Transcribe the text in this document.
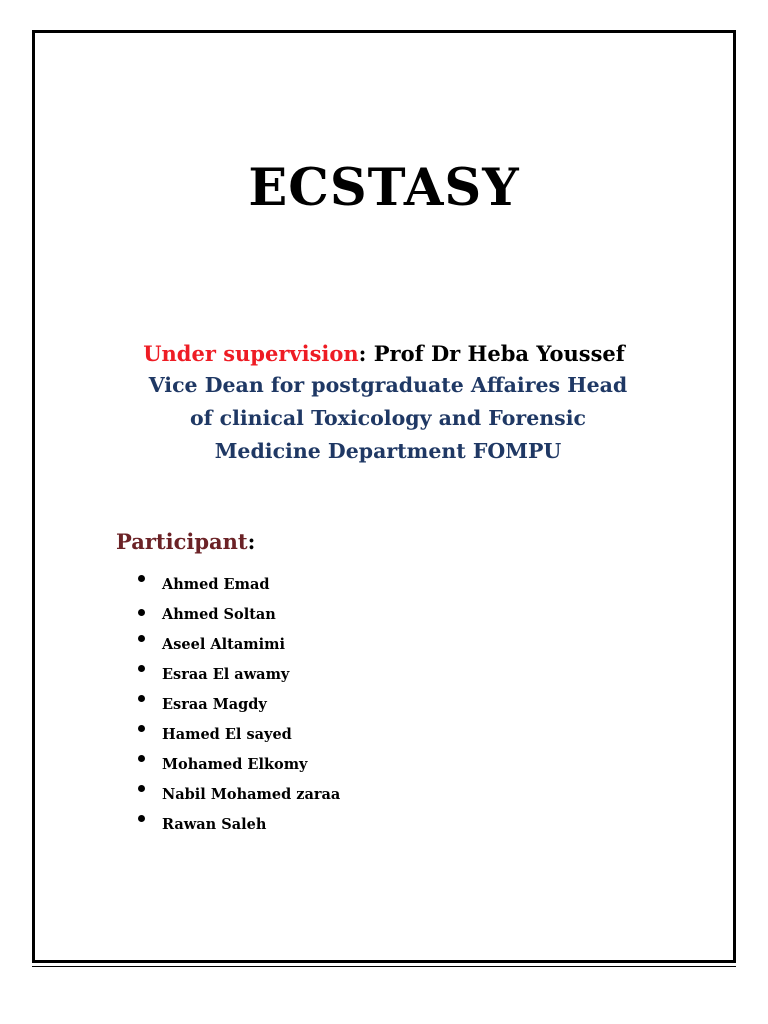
ECSTASY
Under supervision: Prof Dr Heba Youssef
Vice Dean for postgraduate Affaires Head
of clinical Toxicology and Forensic
Medicine Department FOMPU
Participant:
Ahmed Emad
Ahmed Soltan
Aseel Altamimi
Esraa El awamy
Esraa Magdy
Hamed El sayed
Mohamed Elkomy
Nabil Mohamed zaraa
Rawan Saleh
